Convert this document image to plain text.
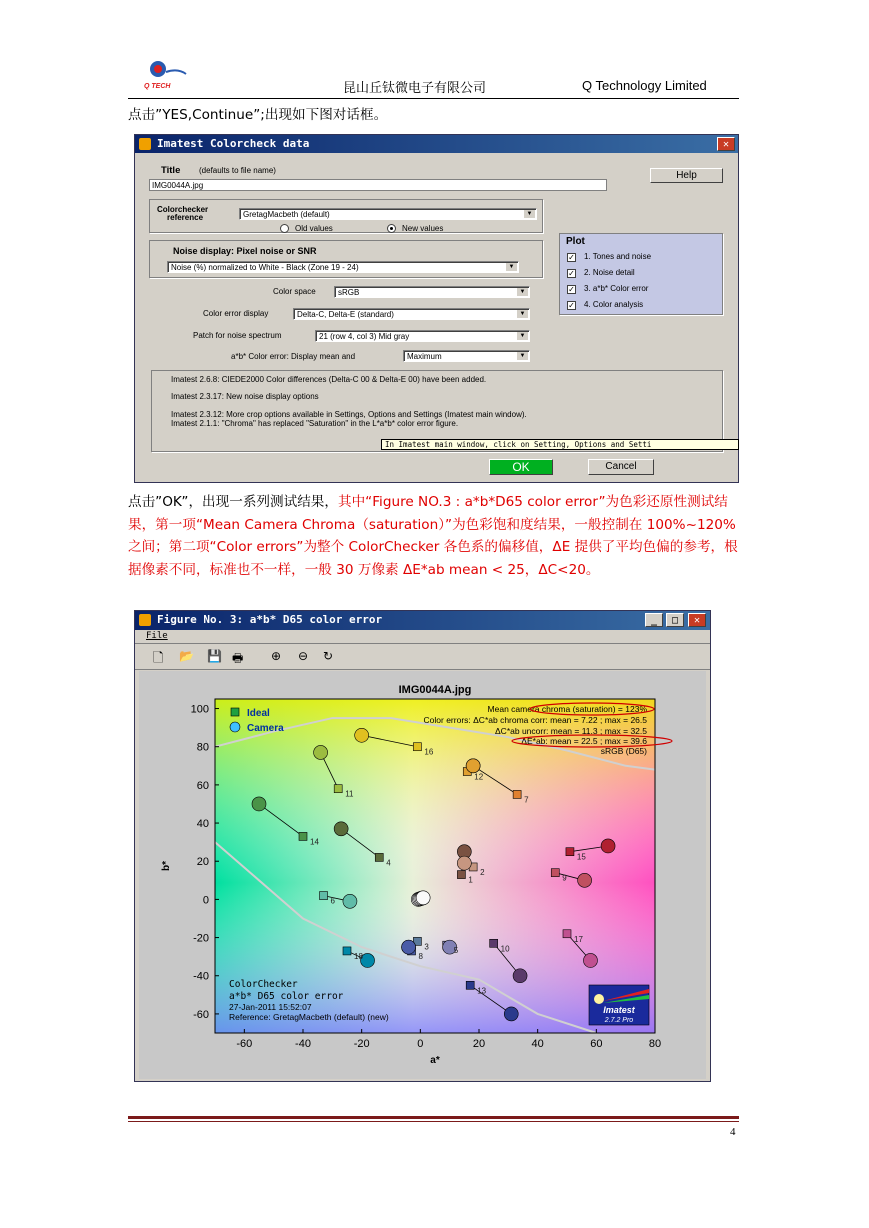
Q TECH	昆山丘钛微电子有限公司	Q Technology Limited
点击”YES,Continue”;出现如下图对话框。
Imatest Colorcheck data	✕
Title (defaults to file name)
IMG0044A.jpg
Help
Colorchecker
reference	GretagMacbeth (default)	▼
Old values	New values
Noise display: Pixel noise or SNR
Noise (%) normalized to White - Black (Zone 19 - 24)	▼
Plot
✓ 1. Tones and noise
✓ 2. Noise detail
✓ 3. a*b* Color error
✓ 4. Color analysis
Color space	sRGB	▼
Color error display	Delta-C, Delta-E (standard)	▼
Patch for noise spectrum	21 (row 4, col 3) Mid gray	▼
a*b* Color error: Display mean and	Maximum	▼
Imatest 2.6.8: CIEDE2000 Color differences (Delta-C 00 & Delta-E 00) have been added.
Imatest 2.3.17: New noise display options
Imatest 2.3.12: More crop options available in Settings, Options and Settings (Imatest main window).
Imatest 2.1.1: "Chroma" has replaced "Saturation" in the L*a*b* color error figure.
In Imatest main window, click on Setting, Options and Setti
OK	Cancel
点击”OK”，出现一系列测试结果，其中“Figure NO.3 : a*b*D65 color error”为色彩还原性测试结果，第一项“Mean Camera Chroma（saturation）”为色彩饱和度结果，一般控制在 100%~120%之间；第二项“Color errors”为整个 ColorChecker 各色系的偏移值，ΔE 提供了平均色偏的参考，根据像素不同，标准也不一样，一般 30 万像素 ΔE*ab mean < 25，ΔC<20。
Figure No. 3: a*b* D65 color error	_	□	✕
File
🗋 📂 💾 🖶 ⊕ ⊖ ↻
IMG0044A.jpg
-60	-40	-20	0	20	40	60	80
-60
-40
-20
0
20
40
60
80
100
a*
b*
1
2
3
4
5
6
7
8
9
10
11
12
13
14
15
16
17
18
Ideal
Camera
Mean camera chroma (saturation) = 123%
Color errors: ΔC*ab chroma corr: mean = 7.22 ; max = 26.5
ΔC*ab uncorr: mean = 11.3 ; max = 32.5
ΔE*ab: mean = 22.5 ; max = 39.6
sRGB (D65)
ColorChecker
a*b* D65 color error
27-Jan-2011 15:52:07
Reference: GretagMacbeth (default) (new)
Imatest
2.7.2 Pro
4
